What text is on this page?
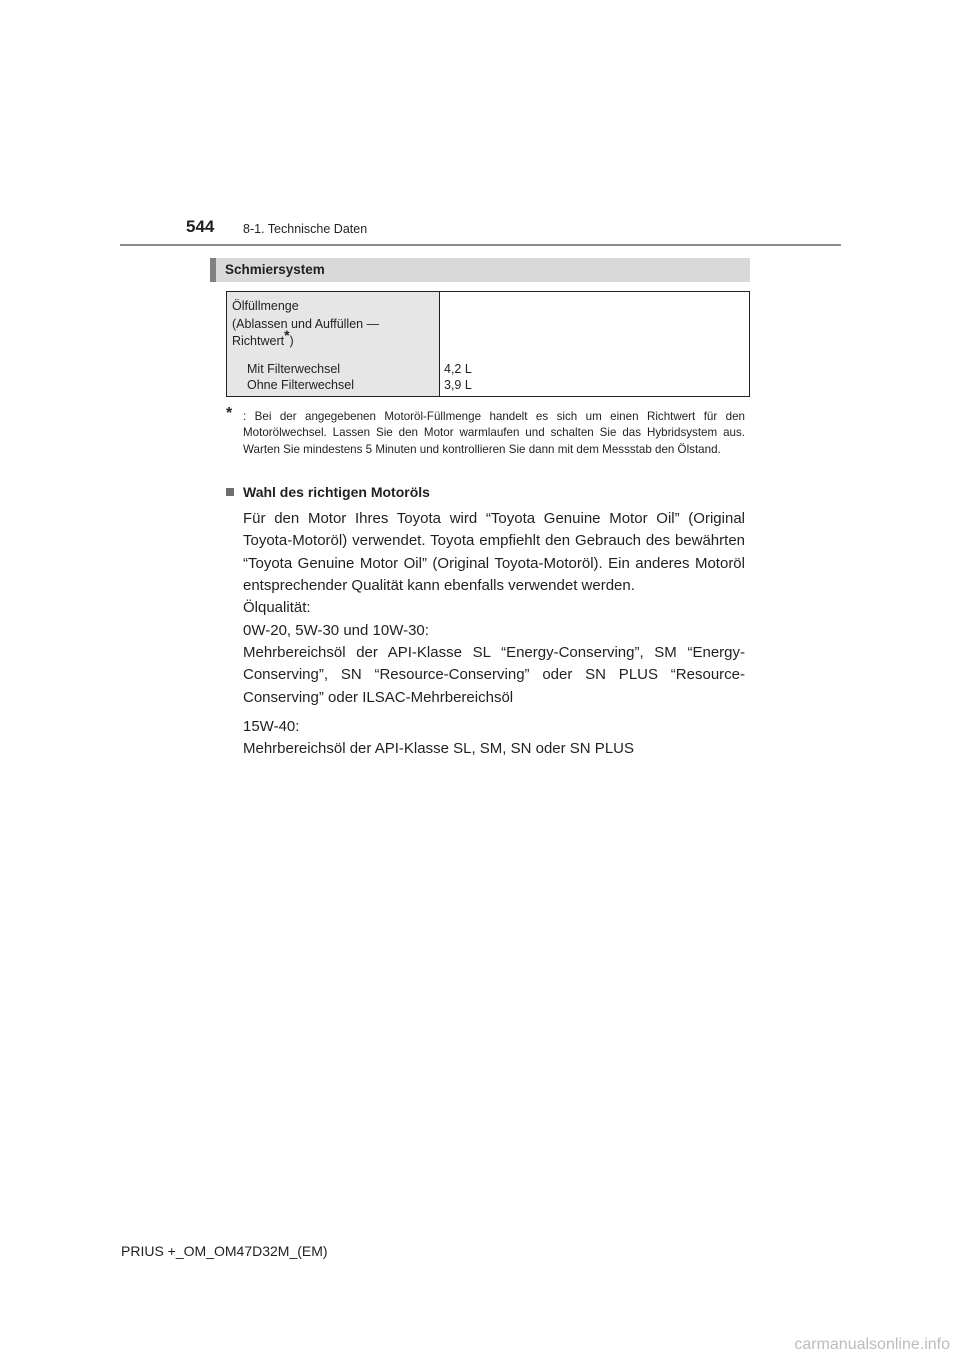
544 8-1. Technische Daten
Schmiersystem
Ölfüllmenge
(Ablassen und Auffüllen —
Richtwert*)
Mit Filterwechsel
Ohne Filterwechsel
4,2 L
3,9 L
* : Bei der angegebenen Motoröl-Füllmenge handelt es sich um einen Richtwert für den Motorölwechsel. Lassen Sie den Motor warmlaufen und schalten Sie das Hybridsystem aus. Warten Sie mindestens 5 Minuten und kontrollieren Sie dann mit dem Messstab den Ölstand.
Wahl des richtigen Motoröls

Für den Motor Ihres Toyota wird “Toyota Genuine Motor Oil” (Original Toyota-Motoröl) verwendet. Toyota empfiehlt den Gebrauch des bewährten “Toyota Genuine Motor Oil” (Original Toyota-Motoröl). Ein anderes Motoröl entsprechender Qualität kann ebenfalls verwendet werden.

Ölqualität:

0W-20, 5W-30 und 10W-30:

Mehrbereichsöl der API-Klasse SL “Energy-Conserving”, SM “Energy-Conserving”, SN “Resource-Conserving” oder SN PLUS “Resource-Conserving” oder ILSAC-Mehrbereichsöl

15W-40:

Mehrbereichsöl der API-Klasse SL, SM, SN oder SN PLUS

PRIUS +_OM_OM47D32M_(EM)
carmanualsonline.info
